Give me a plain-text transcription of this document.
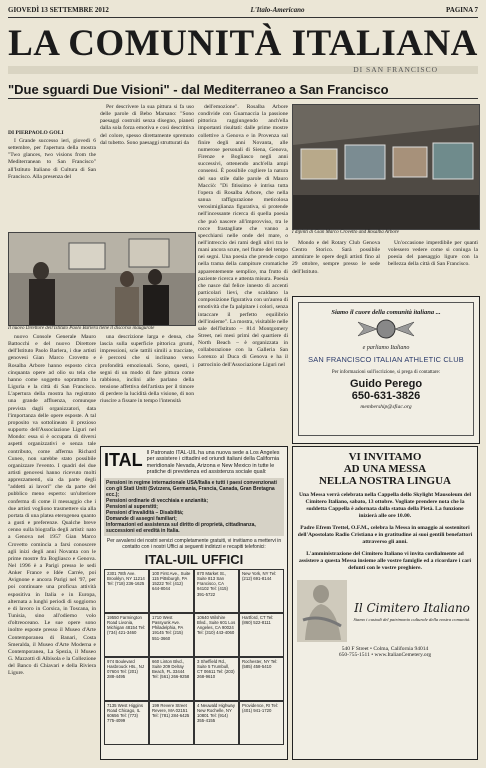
GIOVEDÌ 13 SETTEMBRE 2012	L'Italo-Americano	PAGINA 7
LA COMUNITÀ ITALIANA
DI SAN FRANCISCO
"Due sguardi Due Visioni" - dal Mediterraneo a San Francisco
DI PIERPAOLO GOLI

I Grande successo ieri, giovedì 6 settembre, per l'apertura della mostra "Two glances, two visions from the Mediterranean to San Francisco" all'Istituto Italiano di Cultura di San Francisco. Alla presenza del

Per descrivere la sua pittura si fa uso delle parole di Bebo Marsano: "Sono paesaggi costruiti senza disegno, pianeti dalla sola forza emotiva e così descrittiva del colore, spesso direttamente spremuto dal tubetto. Sono paesaggi strutturati da

dell'emozione". Rosalba Arbore condivide con Guarnaccia la passione pittorica raggiungendo anch'ella importanti risultati: dalle prime mostre collettive a Genova e in Provenza sul finire degli anni Novanta, alle numerose personali di Siena, Genova, Firenze e Bogliasco negli anni successivi, ottenendo anch'ella ampi consensi. È possibile cogliere la natura del suo stile dalle parole di Mauro Macciò: "Di fitissimo è intrisa tutta l'opera di Rosalba Arbore, che nella sanua raffigurazione meticolosa verosimiglianza figurativa, si protende nell'incessante ricerca di quella poesia che può nascere all'improvviso, tra le rocce frastagliate che vanno a specchiarsi nelle onde del mare, o nell'intreccio dei rami degli ulivi tra le mani ancora scure, nel fiume del tempo nei segni. Una poesia che prende corpo nella trama della campiture cromatiche apparentemente semplice, ma frutto di paziente ricerca e attenta misura. Poesia che nasce dal felice innesto di accenti particolari lievi, che scaldano la composizione figurativa con un'aurea di emotività che fa palpitare i colori, senza intaccare il perfetto equilibrio dell'insieme". La mostra, visitabile nelle sale dell'Istituto – 814 Montgomery Street, nei mesi primi del quartiere di North Beach – è organizzata in collaborazione con la Galleria San Lorenzo al Duca di Genova e ha il patrocinio dell'Associazione Liguri nel

Il nuovo Direttore dell'Istituto Paolo Barlera tiene il discorso inaugurale

nuovo Console Generale Mauro Battocchi e del nuovo Direttore dell'Istituto Paolo Barlera, i due artisti genovesi Gian Marco Crovetto e Rosalba Arbore hanno esposto circa cinquanta opere ad olio su tela che hanno come soggetto soprattutto la Liguria e la città di San Francisco. L'apertura della mostra ha registrato una grande affluenza, comunque prevista dagli organizzatori, data l'importanza delle opere esposte. A tal proposito va sottolineato il prezioso supporto dell'Associazione Liguri nel Mondo: essa si è occupata di diversi aspetti organizzativi e senza tale contributo, come afferma Richard Cuneo, non sarebbe stato possibile organizzare l'evento. I quadri dei due artisti genovesi hanno ricevuto molti apprezzamenti, sia da parte degli "addetti ai lavori" che da parte del pubblico meno esperto: un'ulteriore conferma di come il messaggio che i due artisti vogliono trasmettere sia alla portata di una platea eterogenea quanto a gusti e preferenze. Qualche breve cenno sulla biografia degli artisti: nato a Genova nel 1957 Gian Marco Crovetto comincia a farsi conoscere agli inizi degli anni Novanta con le prime mostre fra Bogliasco e Genova. Nel 1996 è a Parigi presso le sedi Anker France e Idée Carrée, poi Avignone e ancora Parigi nel '97, per poi continuare una proficua attività espositiva in Italia e in Europa, alternata a lunghi periodi di soggiorno e di lavoro in Corsica, in Toscana, in Tunisia, sino all'odierno volo d'oltreoceano. Le sue opere sono inoltre esposte presso il Museo d'Arte Contemporanea di Banari, Costa Smeralda, il Museo d'Arte Moderna e Contemporanea, La Spezia, il Museo G. Mazzotti di Albisola e la Collezione del Banco di Chiavari e della Riviera Ligure.

una descrizione larga e densa, che lascia sulla superficie pittorica grumi, impressioni, scie tattili simili a tracciate, è percorsi che si inclinano verso profondità emozionali. Sono, questi, i segni di un modo di fare pittura come rabbioso, inclini alle parlano della tensione affettiva dell'artista per il timore di perdere la lucidità della visione, di non riuscire a fissare in tempo l'intensità

I dipinti di Gian Marco Crovetto and Rosalba Arbore

Mondo e del Rotary Club Genova Centro Storico. Sarà possibile ammirare le opere degli artisti fino al 29 ottobre, sempre presso le sede dell'Istituto.

Un'occasione imperdibile per quanti volessero vedere come si coniuga la poesia del paesaggio ligure con la bellezza della città di San Francisco.

Siamo il cuore della comunità italiana ...
e parliamo Italiano
SAN FRANCISCO ITALIAN ATHLETIC CLUB
Per informazioni sull'iscrizione, si prega di contattare:
Guido Perego
650-631-3826
membership@sfiac.org
ITAL Il Patronato ITAL-UIL ha una nuova sede a Los Angeles per assistere i cittadini ed oriundi italiani della California meridionale Nevada, Arizona e New Mexico in tutte le pratiche di previdenza ed assistenza sociale quali:
Pensioni in regime internazionale USA/Italia e tutti i paesi convenzionati con gli Stati Uniti (Svizzera, Germania, Francia, Canada, Gran Bretagna ecc.);
Pensioni ordinarie di vecchiaia e anzianità;
Pensioni ai superstiti;
Pensioni d'invalidità – Disabilità;
Domande di assegni familiari;
Informazioni ed assistenza sul diritto di proprietà, cittadinanza, successioni ed eredità in Italia.
Per avvalersi dei nostri servizi completamente gratuiti, vi invitiamo a mettervi in contatto con i nostri Uffici ai seguenti indirizzi e recapiti telefonici:
ITAL-UIL UFFICI
2301 78th Ave. Brooklyn, NY 11214 Tel: (718) 236-1625
100 First Ave., Suite 115 Pittsburgh, PA 15222 Tel: (412) 644-8044
870 Market St., Suite 813 San Francisco, CA 94102 Tel: (415) 391-5722
New York, NY Tel: (212) 691-8144
19550 Farmington Road Livonia, Michigan 48154 Tel: (734) 421-3460
1710 West Passyunk Ave. Philadelphia, PA 19145 Tel: (215) 551-3660
10640 Wilshire Blvd., Suite 601 Los Angeles, CA 90024 Tel: (310) 443-4060
Hartford, CT Tel: (860) 522-8111
974 Boulevard Hasbrouck Hts., NJ 07604 Tel: (201) 288-4495
660 Linton Blvd., Suite 209 Delray Beach, FL 33444 Tel: (561) 266-9258
3 Sheffield Rd., Suite 5 Trumbull, CT 06611 Tel: (203) 268-9610
Rochester, NY Tel: (585) 458-5410
7135 West Higgins Road Chicago, IL 60656 Tel: (773) 775-4099
199 Revere Street Revere, MA 02151 Tel: (781) 284-6425
4 Neuwald Highway New Rochelle, NY 10801 Tel: (914) 355-4155
Providence, RI Tel: (401) 941-1720
VI INVITAMO
AD UNA MESSA
NELLA NOSTRA LINGUA
Una Messa verrà celebrata nella Cappella dello Skylight Mausoleum del Cimitero Italiano, sabato, 13 ottobre. Vogliate prendere nota che la suddetta Cappella è adornata dalla statua della Pietà. La funzione inizierà alle ore 10.00.
Padre Efrem Trettel, O.F.M., celebra la Messa in omaggio ai sostenitori dell'Apostolato Radio Cristiana e in gratitudine ai suoi gentili benefattori attraverso gli anni.
L'amministrazione del Cimitero Italiano vi invita cordialmente ad assistere a questa Messa insieme alle vostre famiglie ed a ricordare i cari defunti con le vostre preghiere.
Il Cimitero Italiano
Siamo i custodi del patrimonio culturale della nostra comunità.
540 F Street • Colma, California 94014
650-755-1511 • www.ItalianCemetery.org
